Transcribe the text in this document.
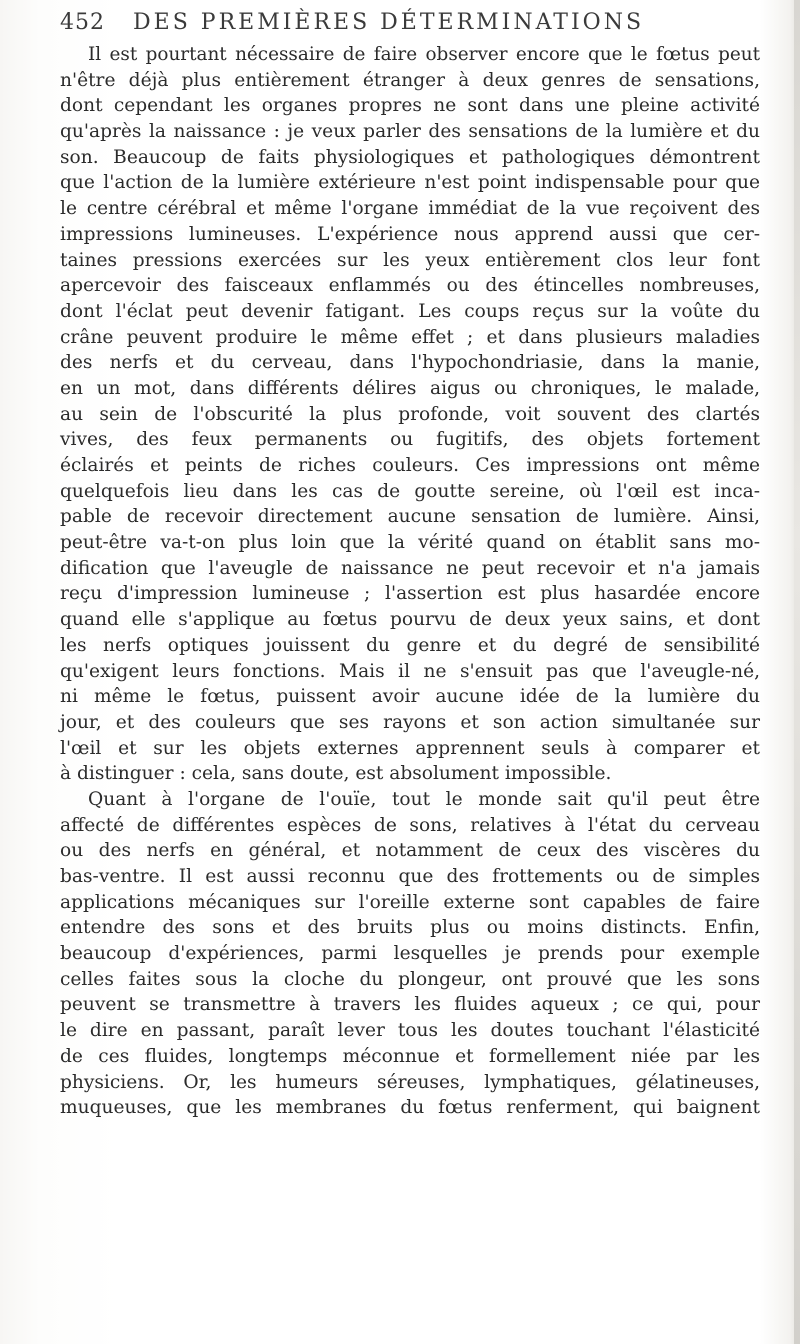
452 DES PREMIÈRES DÉTERMINATIONS
Il est pourtant nécessaire de faire observer encore que le fœtus peut
n'être déjà plus entièrement étranger à deux genres de sensations,
dont cependant les organes propres ne sont dans une pleine activité
qu'après la naissance : je veux parler des sensations de la lumière et du
son. Beaucoup de faits physiologiques et pathologiques démontrent
que l'action de la lumière extérieure n'est point indispensable pour que
le centre cérébral et même l'organe immédiat de la vue reçoivent des
impressions lumineuses. L'expérience nous apprend aussi que cer-
taines pressions exercées sur les yeux entièrement clos leur font
apercevoir des faisceaux enflammés ou des étincelles nombreuses,
dont l'éclat peut devenir fatigant. Les coups reçus sur la voûte du
crâne peuvent produire le même effet ; et dans plusieurs maladies
des nerfs et du cerveau, dans l'hypochondriasie, dans la manie,
en un mot, dans différents délires aigus ou chroniques, le malade,
au sein de l'obscurité la plus profonde, voit souvent des clartés
vives, des feux permanents ou fugitifs, des objets fortement
éclairés et peints de riches couleurs. Ces impressions ont même
quelquefois lieu dans les cas de goutte sereine, où l'œil est inca-
pable de recevoir directement aucune sensation de lumière. Ainsi,
peut-être va-t-on plus loin que la vérité quand on établit sans mo-
dification que l'aveugle de naissance ne peut recevoir et n'a jamais
reçu d'impression lumineuse ; l'assertion est plus hasardée encore
quand elle s'applique au fœtus pourvu de deux yeux sains, et dont
les nerfs optiques jouissent du genre et du degré de sensibilité
qu'exigent leurs fonctions. Mais il ne s'ensuit pas que l'aveugle-né,
ni même le fœtus, puissent avoir aucune idée de la lumière du
jour, et des couleurs que ses rayons et son action simultanée sur
l'œil et sur les objets externes apprennent seuls à comparer et
à distinguer : cela, sans doute, est absolument impossible.
Quant à l'organe de l'ouïe, tout le monde sait qu'il peut être
affecté de différentes espèces de sons, relatives à l'état du cerveau
ou des nerfs en général, et notamment de ceux des viscères du
bas-ventre. Il est aussi reconnu que des frottements ou de simples
applications mécaniques sur l'oreille externe sont capables de faire
entendre des sons et des bruits plus ou moins distincts. Enfin,
beaucoup d'expériences, parmi lesquelles je prends pour exemple
celles faites sous la cloche du plongeur, ont prouvé que les sons
peuvent se transmettre à travers les fluides aqueux ; ce qui, pour
le dire en passant, paraît lever tous les doutes touchant l'élasticité
de ces fluides, longtemps méconnue et formellement niée par les
physiciens. Or, les humeurs séreuses, lymphatiques, gélatineuses,
muqueuses, que les membranes du fœtus renferment, qui baignent
